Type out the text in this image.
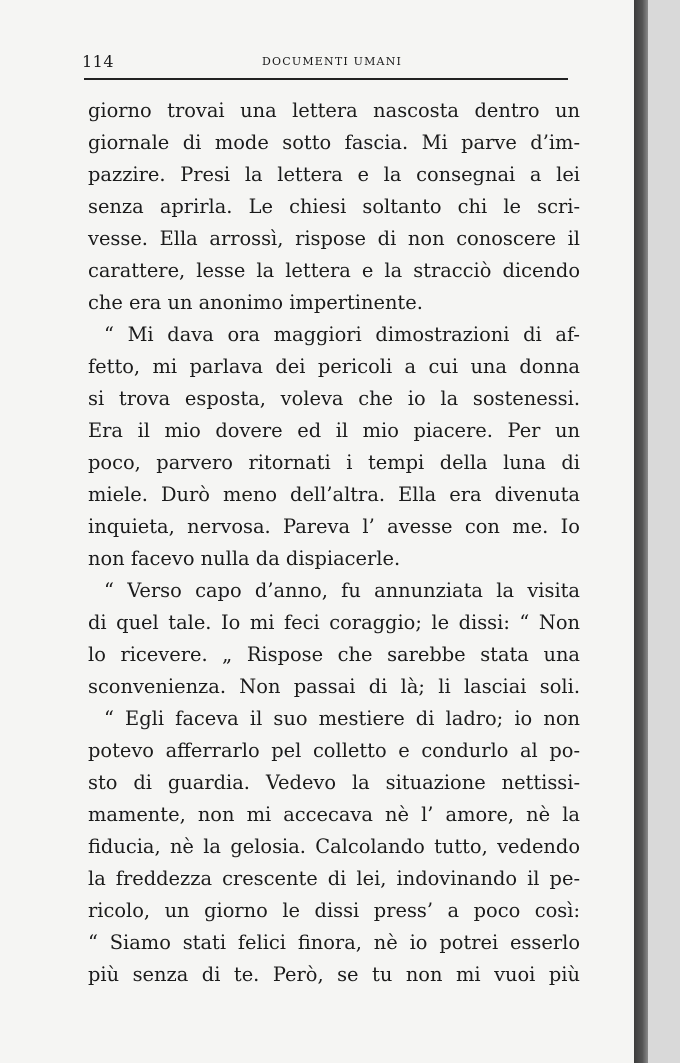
114	DOCUMENTI UMANI
giorno trovai una lettera nascosta dentro un
giornale di mode sotto fascia. Mi parve d’im-
pazzire. Presi la lettera e la consegnai a lei
senza aprirla. Le chiesi soltanto chi le scri-
vesse. Ella arrossì, rispose di non conoscere il
carattere, lesse la lettera e la stracciò dicendo
che era un anonimo impertinente.
“ Mi dava ora maggiori dimostrazioni di af-
fetto, mi parlava dei pericoli a cui una donna
si trova esposta, voleva che io la sostenessi.
Era il mio dovere ed il mio piacere. Per un
poco, parvero ritornati i tempi della luna di
miele. Durò meno dell’altra. Ella era divenuta
inquieta, nervosa. Pareva l’ avesse con me. Io
non facevo nulla da dispiacerle.
“ Verso capo d’anno, fu annunziata la visita
di quel tale. Io mi feci coraggio; le dissi: “ Non
lo ricevere. „ Rispose che sarebbe stata una
sconvenienza. Non passai di là; li lasciai soli.
“ Egli faceva il suo mestiere di ladro; io non
potevo afferrarlo pel colletto e condurlo al po-
sto di guardia. Vedevo la situazione nettissi-
mamente, non mi accecava nè l’ amore, nè la
fiducia, nè la gelosia. Calcolando tutto, vedendo
la freddezza crescente di lei, indovinando il pe-
ricolo, un giorno le dissi press’ a poco così:
“ Siamo stati felici finora, nè io potrei esserlo
più senza di te. Però, se tu non mi vuoi più
